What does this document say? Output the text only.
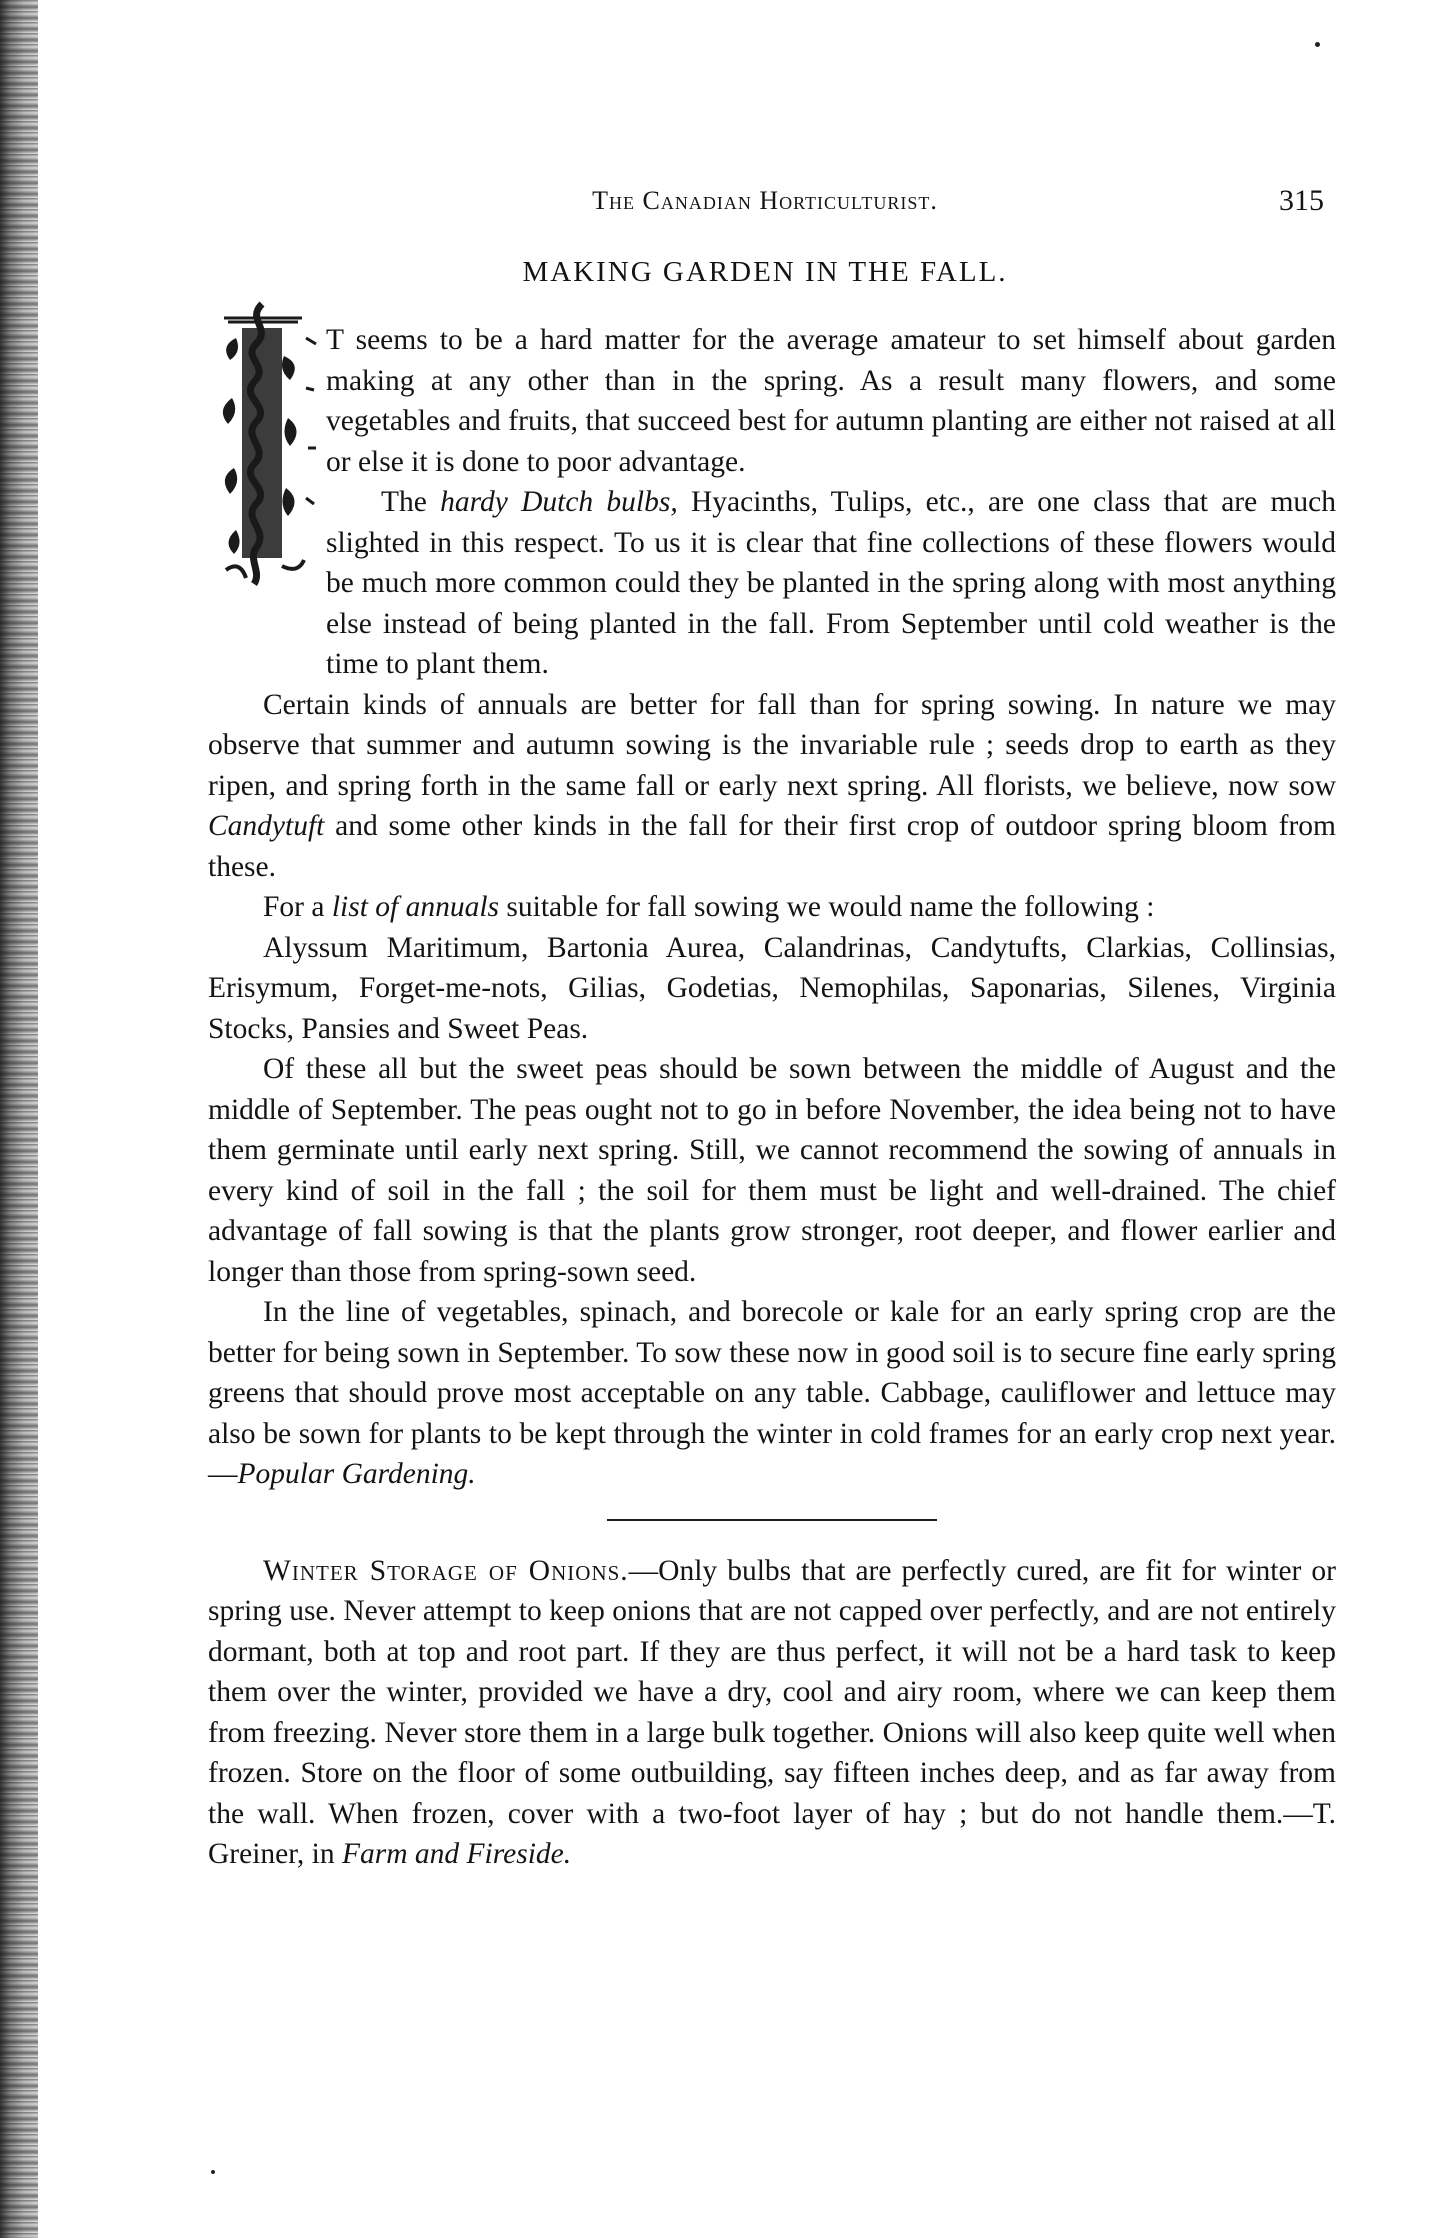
The Canadian Horticulturist.	315
MAKING GARDEN IN THE FALL.

T seems to be a hard matter for the average amateur to set himself about garden making at any other than in the spring. As a result many flowers, and some vegetables and fruits, that succeed best for autumn planting are either not raised at all or else it is done to poor advantage.

The hardy Dutch bulbs, Hyacinths, Tulips, etc., are one class that are much slighted in this respect. To us it is clear that fine collections of these flowers would be much more common could they be planted in the spring along with most anything else instead of being planted in the fall. From September until cold weather is the time to plant them.

Certain kinds of annuals are better for fall than for spring sowing. In nature we may observe that summer and autumn sowing is the invariable rule ; seeds drop to earth as they ripen, and spring forth in the same fall or early next spring. All florists, we believe, now sow Candytuft and some other kinds in the fall for their first crop of outdoor spring bloom from these.

For a list of annuals suitable for fall sowing we would name the following :

Alyssum Maritimum, Bartonia Aurea, Calandrinas, Candytufts, Clarkias, Collinsias, Erisymum, Forget-me-nots, Gilias, Godetias, Nemophilas, Saponarias, Silenes, Virginia Stocks, Pansies and Sweet Peas.

Of these all but the sweet peas should be sown between the middle of August and the middle of September. The peas ought not to go in before November, the idea being not to have them germinate until early next spring. Still, we cannot recommend the sowing of annuals in every kind of soil in the fall ; the soil for them must be light and well-drained. The chief advantage of fall sowing is that the plants grow stronger, root deeper, and flower earlier and longer than those from spring-sown seed.

In the line of vegetables, spinach, and borecole or kale for an early spring crop are the better for being sown in September. To sow these now in good soil is to secure fine early spring greens that should prove most acceptable on any table. Cabbage, cauliflower and lettuce may also be sown for plants to be kept through the winter in cold frames for an early crop next year.—Popular Gardening.

Winter Storage of Onions.—Only bulbs that are perfectly cured, are fit for winter or spring use. Never attempt to keep onions that are not capped over perfectly, and are not entirely dormant, both at top and root part. If they are thus perfect, it will not be a hard task to keep them over the winter, provided we have a dry, cool and airy room, where we can keep them from freezing. Never store them in a large bulk together. Onions will also keep quite well when frozen. Store on the floor of some outbuilding, say fifteen inches deep, and as far away from the wall. When frozen, cover with a two-foot layer of hay ; but do not handle them.—T. Greiner, in Farm and Fireside.
